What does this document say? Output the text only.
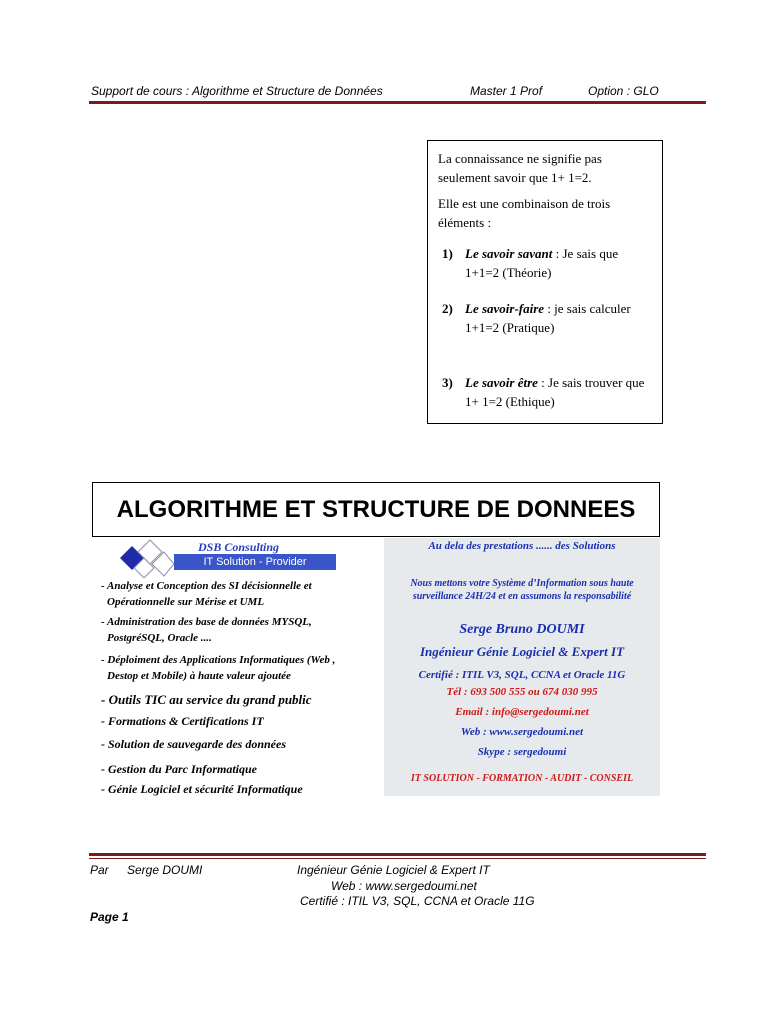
Support de cours : Algorithme et Structure de Données	Master 1 Prof	Option : GLO

La connaissance ne signifie pas seulement savoir que 1+ 1=2.

Elle est une combinaison de trois éléments :

1) Le savoir savant : Je sais que 1+1=2 (Théorie)
2) Le savoir-faire : je sais calculer 1+1=2 (Pratique)
3) Le savoir être : Je sais trouver que 1+ 1=2 (Ethique)
ALGORITHME ET STRUCTURE DE DONNEES
DSB Consulting
IT Solution - Provider
- Analyse et Conception des SI décisionnelle et
Opérationnelle sur Mérise et UML
- Administration des base de données MYSQL,
PostgréSQL, Oracle ....
- Déploiment des Applications Informatiques (Web ,
Destop et Mobile) à haute valeur ajoutée
- Outils TIC au service du grand public
- Formations & Certifications IT
- Solution de sauvegarde des données
- Gestion du Parc Informatique
- Génie Logiciel et sécurité Informatique
Au dela des prestations ...... des Solutions
Nous mettons votre Système d’Information sous haute
surveillance 24H/24 et en assumons la responsabilité
Serge Bruno DOUMI
Ingénieur Génie Logiciel & Expert IT
Certifié : ITIL V3, SQL, CCNA et Oracle 11G
Tél : 693 500 555 ou 674 030 995
Email : info@sergedoumi.net
Web : www.sergedoumi.net
Skype : sergedoumi
IT SOLUTION - FORMATION - AUDIT - CONSEIL
Par Serge DOUMI	Ingénieur Génie Logiciel & Expert IT
Web : www.sergedoumi.net
Certifié : ITIL V3, SQL, CCNA et Oracle 11G
Page 1
